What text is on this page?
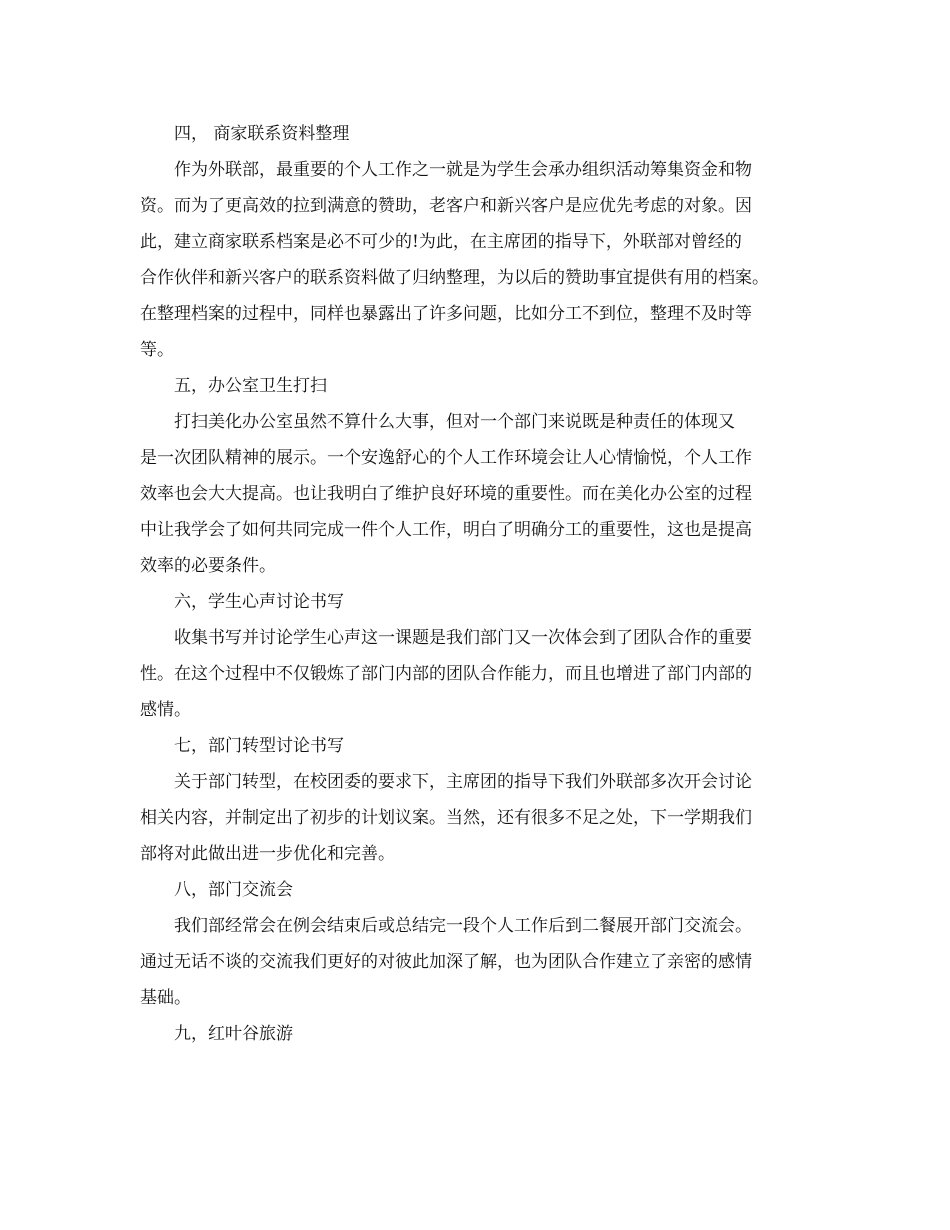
四， 商家联系资料整理
作为外联部，最重要的个人工作之一就是为学生会承办组织活动筹集资金和物
资。而为了更高效的拉到满意的赞助，老客户和新兴客户是应优先考虑的对象。因
此，建立商家联系档案是必不可少的!为此，在主席团的指导下，外联部对曾经的
合作伙伴和新兴客户的联系资料做了归纳整理，为以后的赞助事宜提供有用的档案。
在整理档案的过程中，同样也暴露出了许多问题，比如分工不到位，整理不及时等
等。
五，办公室卫生打扫
打扫美化办公室虽然不算什么大事，但对一个部门来说既是种责任的体现又
是一次团队精神的展示。一个安逸舒心的个人工作环境会让人心情愉悦，个人工作
效率也会大大提高。也让我明白了维护良好环境的重要性。而在美化办公室的过程
中让我学会了如何共同完成一件个人工作，明白了明确分工的重要性，这也是提高
效率的必要条件。
六，学生心声讨论书写
收集书写并讨论学生心声这一课题是我们部门又一次体会到了团队合作的重要
性。在这个过程中不仅锻炼了部门内部的团队合作能力，而且也增进了部门内部的
感情。
七，部门转型讨论书写
关于部门转型，在校团委的要求下，主席团的指导下我们外联部多次开会讨论
相关内容，并制定出了初步的计划议案。当然，还有很多不足之处，下一学期我们
部将对此做出进一步优化和完善。
八，部门交流会
我们部经常会在例会结束后或总结完一段个人工作后到二餐展开部门交流会。
通过无话不谈的交流我们更好的对彼此加深了解，也为团队合作建立了亲密的感情
基础。
九，红叶谷旅游
